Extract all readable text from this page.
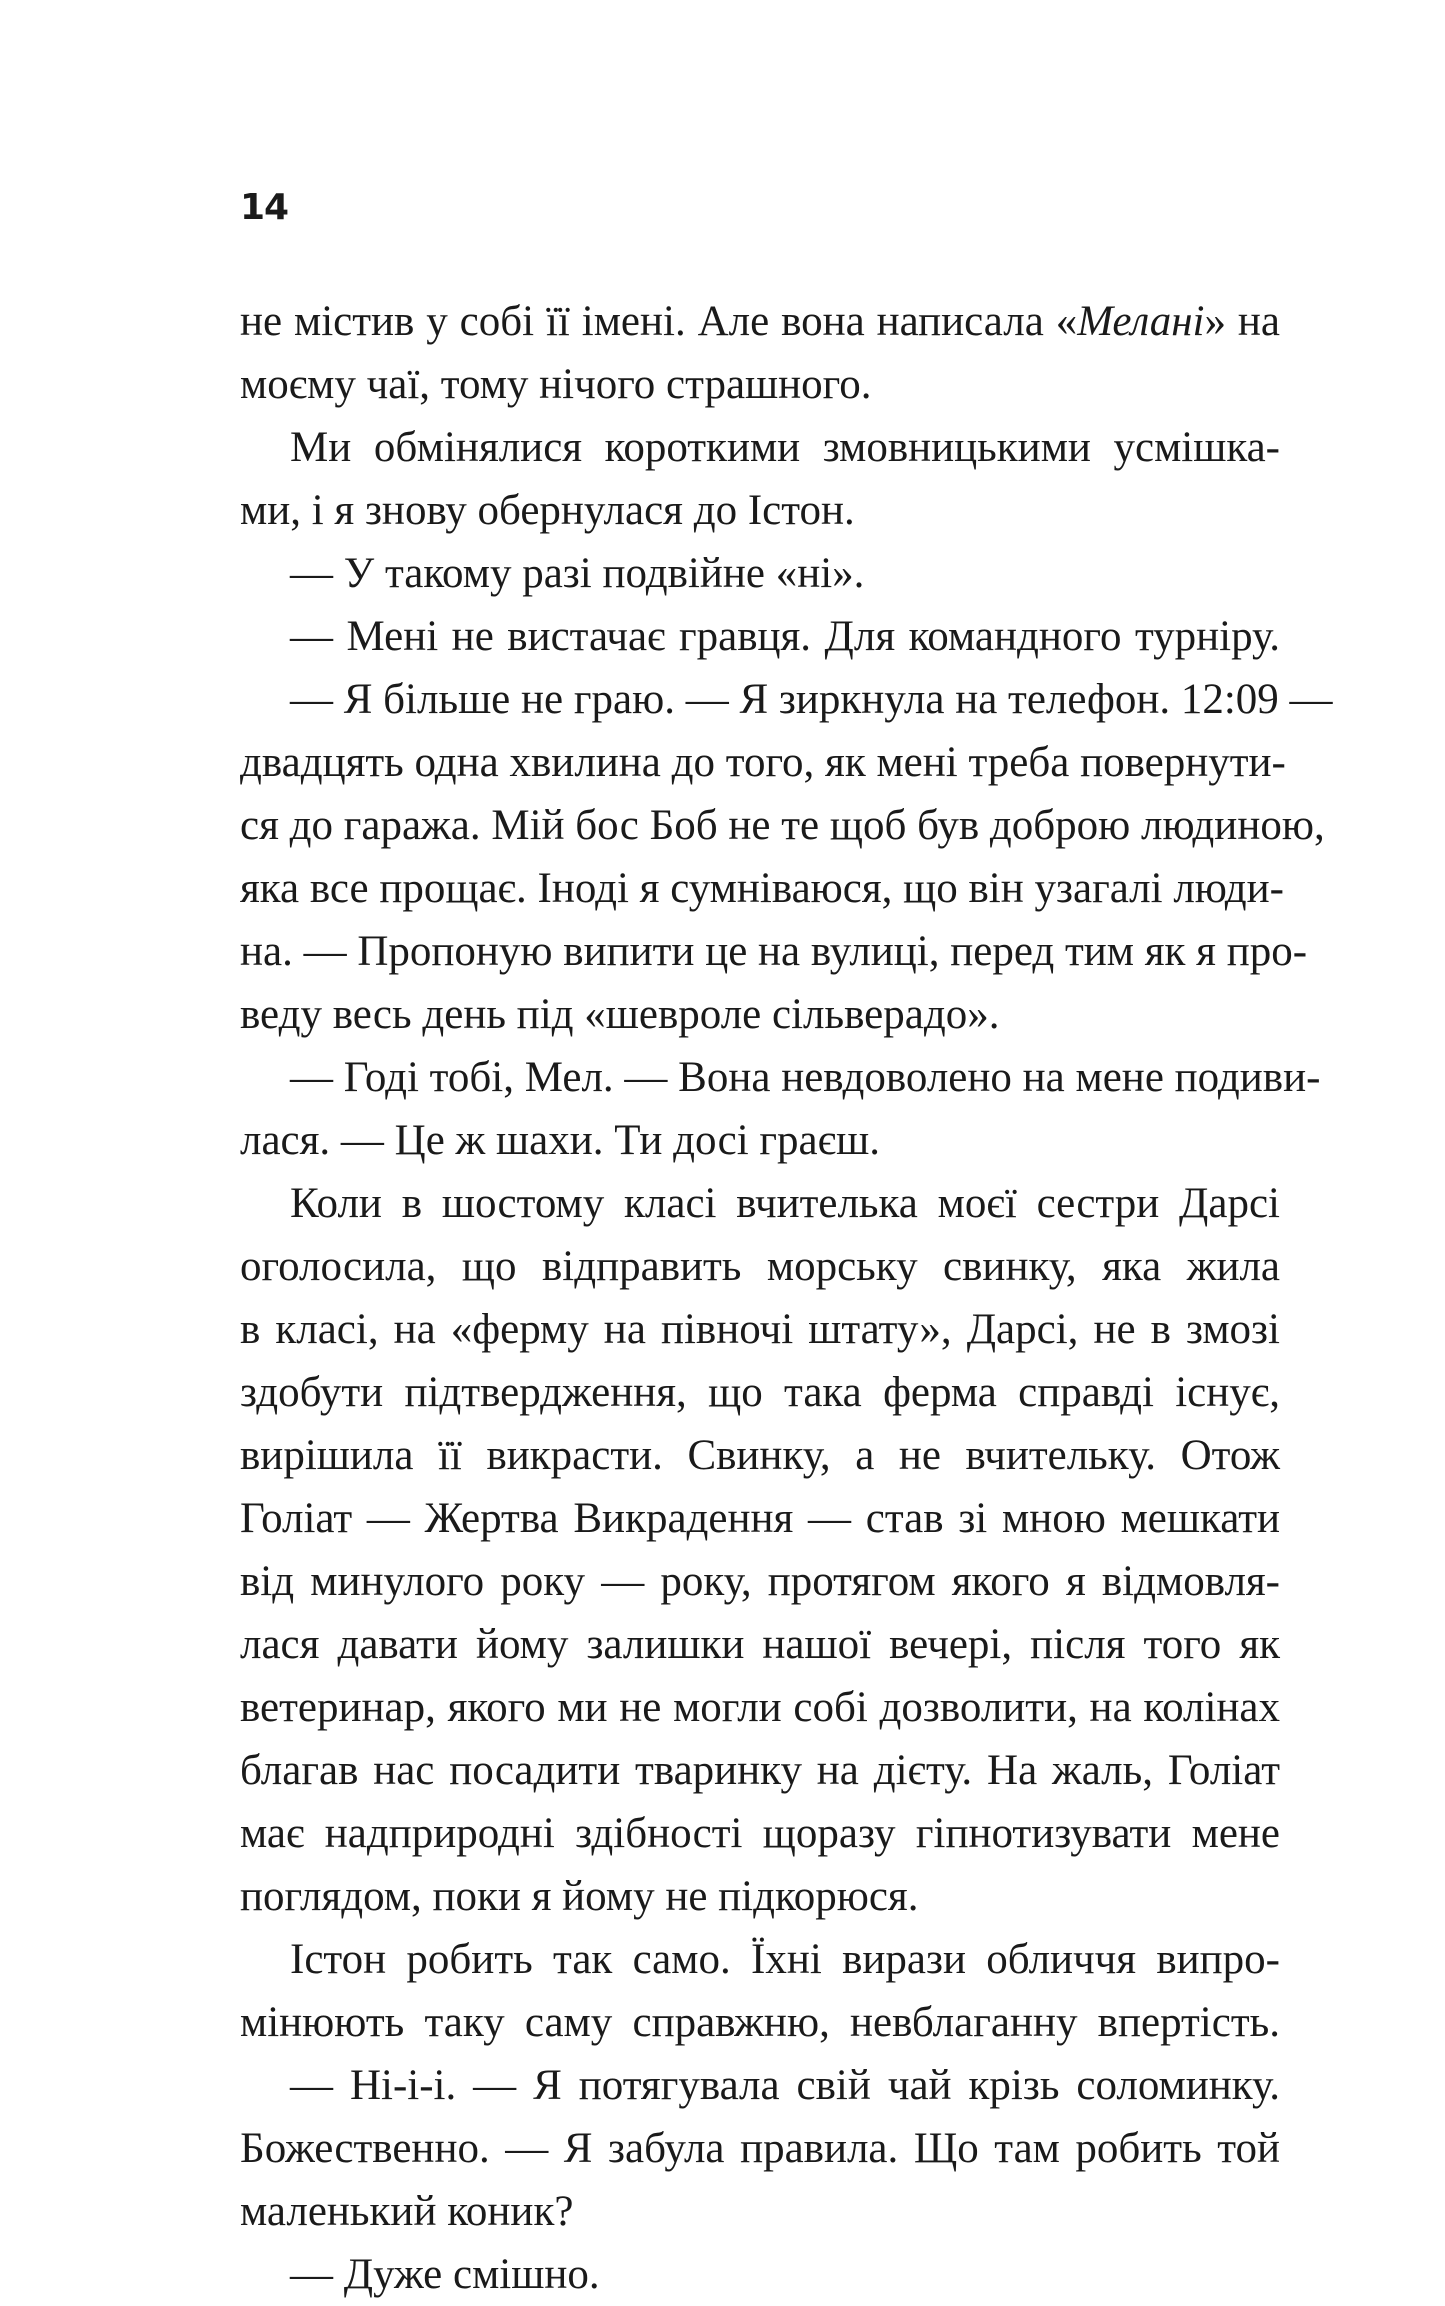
14
не містив у собі її імені. Але вона написала «Мелані» на
моєму чаї, тому нічого страшного.
Ми обмінялися короткими змовницькими усмішка-
ми, і я знову обернулася до Істон.
— У такому разі подвійне «ні».
— Мені не вистачає гравця. Для командного турніру.
— Я більше не граю. — Я зиркнула на телефон. 12:09 —
двадцять одна хвилина до того, як мені треба повернути-
ся до гаража. Мій бос Боб не те щоб був доброю людиною,
яка все прощає. Іноді я сумніваюся, що він узагалі люди-
на. — Пропоную випити це на вулиці, перед тим як я про-
веду весь день під «шевроле сільверадо».
— Годі тобі, Мел. — Вона невдоволено на мене подиви-
лася. — Це ж шахи. Ти досі граєш.
Коли в шостому класі вчителька моєї сестри Дарсі
оголосила, що відправить морську свинку, яка жила
в класі, на «ферму на півночі штату», Дарсі, не в змозі
здобути підтвердження, що така ферма справді існує,
вирішила її викрасти. Свинку, а не вчительку. Отож
Голіат — Жертва Викрадення — став зі мною мешкати
від минулого року — року, протягом якого я відмовля-
лася давати йому залишки нашої вечері, після того як
ветеринар, якого ми не могли собі дозволити, на колінах
благав нас посадити тваринку на дієту. На жаль, Голіат
має надприродні здібності щоразу гіпнотизувати мене
поглядом, поки я йому не підкорюся.
Істон робить так само. Їхні вирази обличчя випро-
мінюють таку саму справжню, невблаганну впертість.
— Ні-і-і. — Я потягувала свій чай крізь соломинку.
Божественно. — Я забула правила. Що там робить той
маленький коник?
— Дуже смішно.
